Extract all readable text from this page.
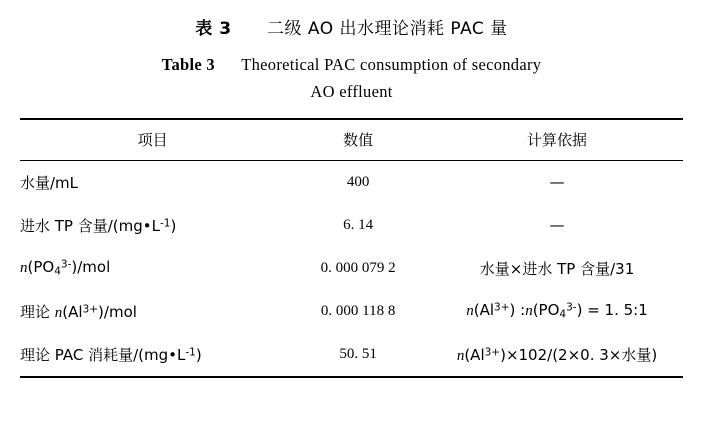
表 3 二级 AO 出水理论消耗 PAC 量
Table 3 Theoretical PAC consumption of secondary
AO effluent
项目	数值	计算依据
水量/mL	400	—
进水 TP 含量$/(mg•L^{-1})$	6. 14	—
$n(PO_4^{3-})$/mol	0. 000 079 2	水量×进水 TP 含量/31
理论 $n(Al^{3+})$/mol	0. 000 118 8	$n(Al^{3+})$ $:n(PO_4^{3-}) = 1$. 5:1
理论 PAC 消耗量$/(mg•L^{-1})$	50. 51	$n(Al^{3+})\times 102/(2\times 0$. 3×水量)
